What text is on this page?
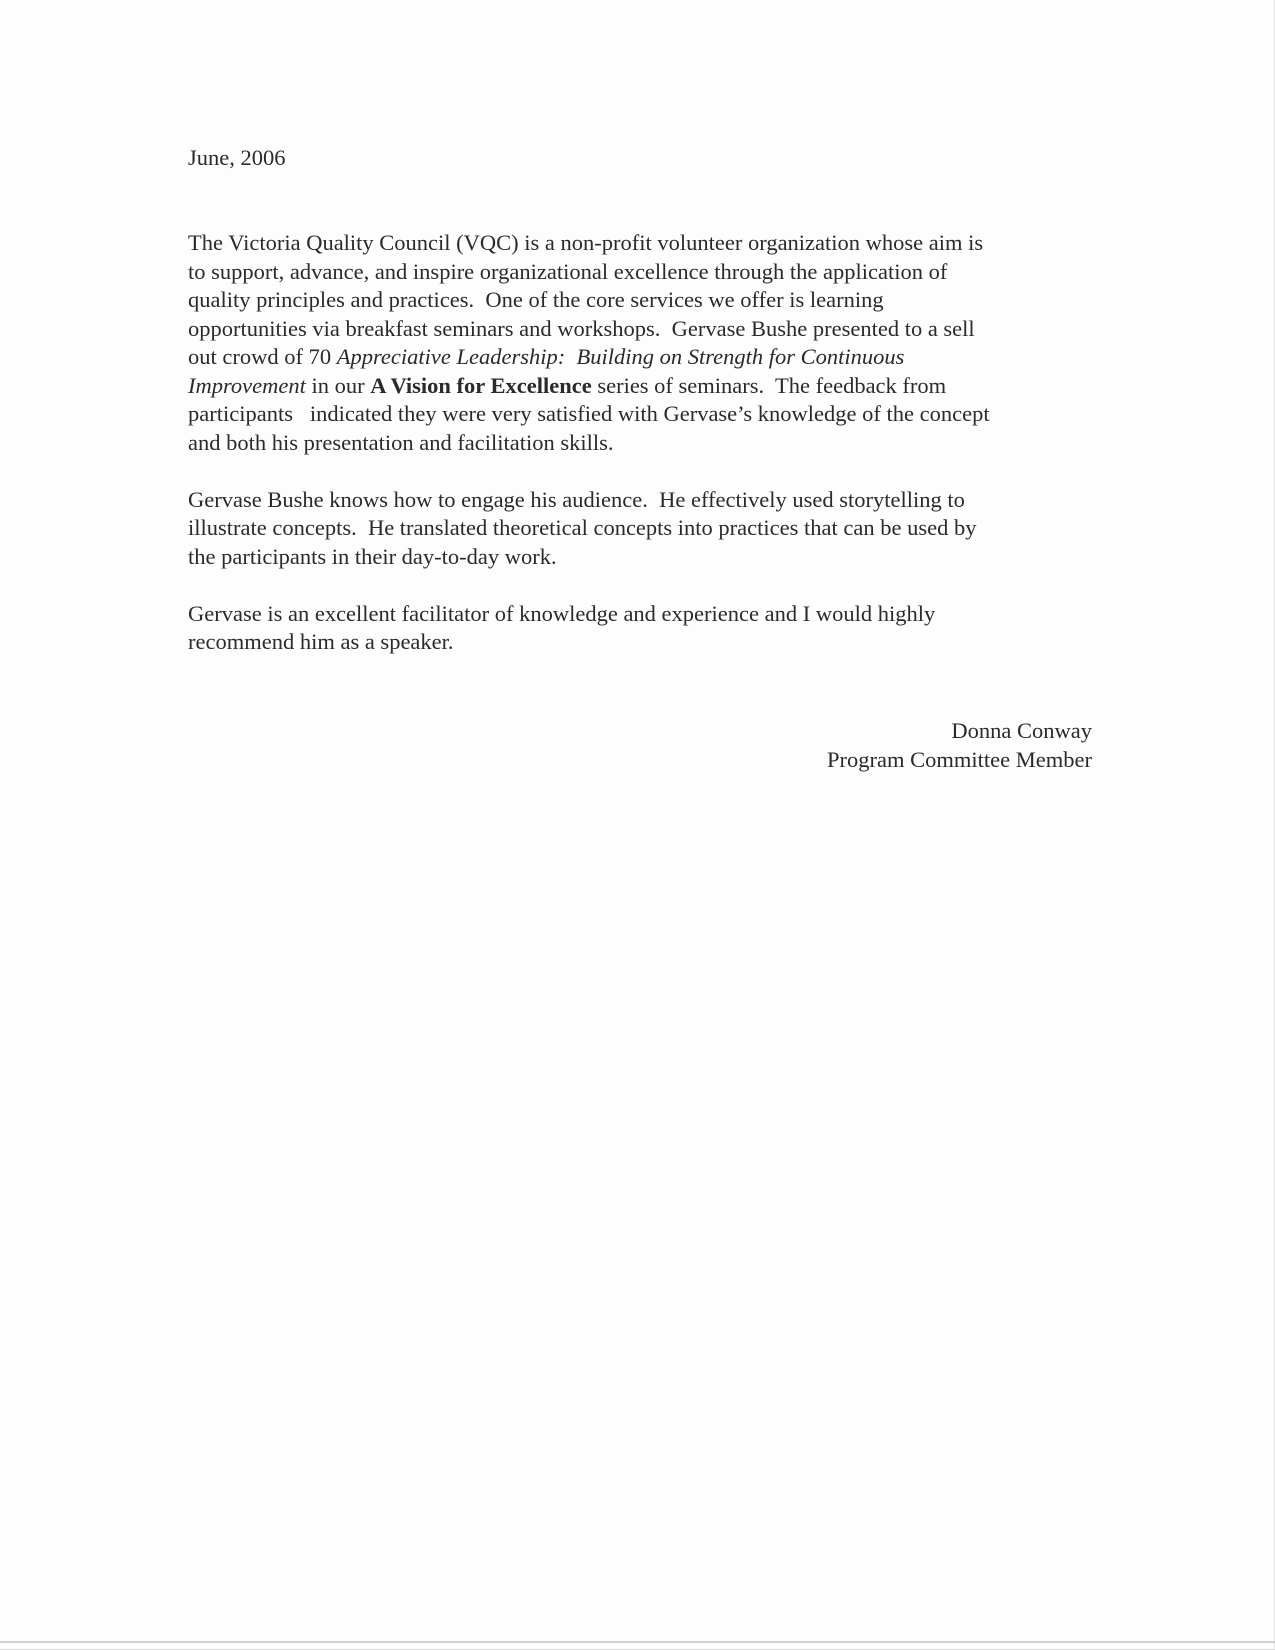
June, 2006

The Victoria Quality Council (VQC) is a non-profit volunteer organization whose aim is
to support, advance, and inspire organizational excellence through the application of
quality principles and practices.  One of the core services we offer is learning
opportunities via breakfast seminars and workshops.  Gervase Bushe presented to a sell
out crowd of 70 Appreciative Leadership:  Building on Strength for Continuous
Improvement in our A Vision for Excellence series of seminars.  The feedback from
participants   indicated they were very satisfied with Gervase’s knowledge of the concept
and both his presentation and facilitation skills.

Gervase Bushe knows how to engage his audience.  He effectively used storytelling to
illustrate concepts.  He translated theoretical concepts into practices that can be used by
the participants in their day-to-day work.

Gervase is an excellent facilitator of knowledge and experience and I would highly
recommend him as a speaker.

Donna Conway
Program Committee Member
